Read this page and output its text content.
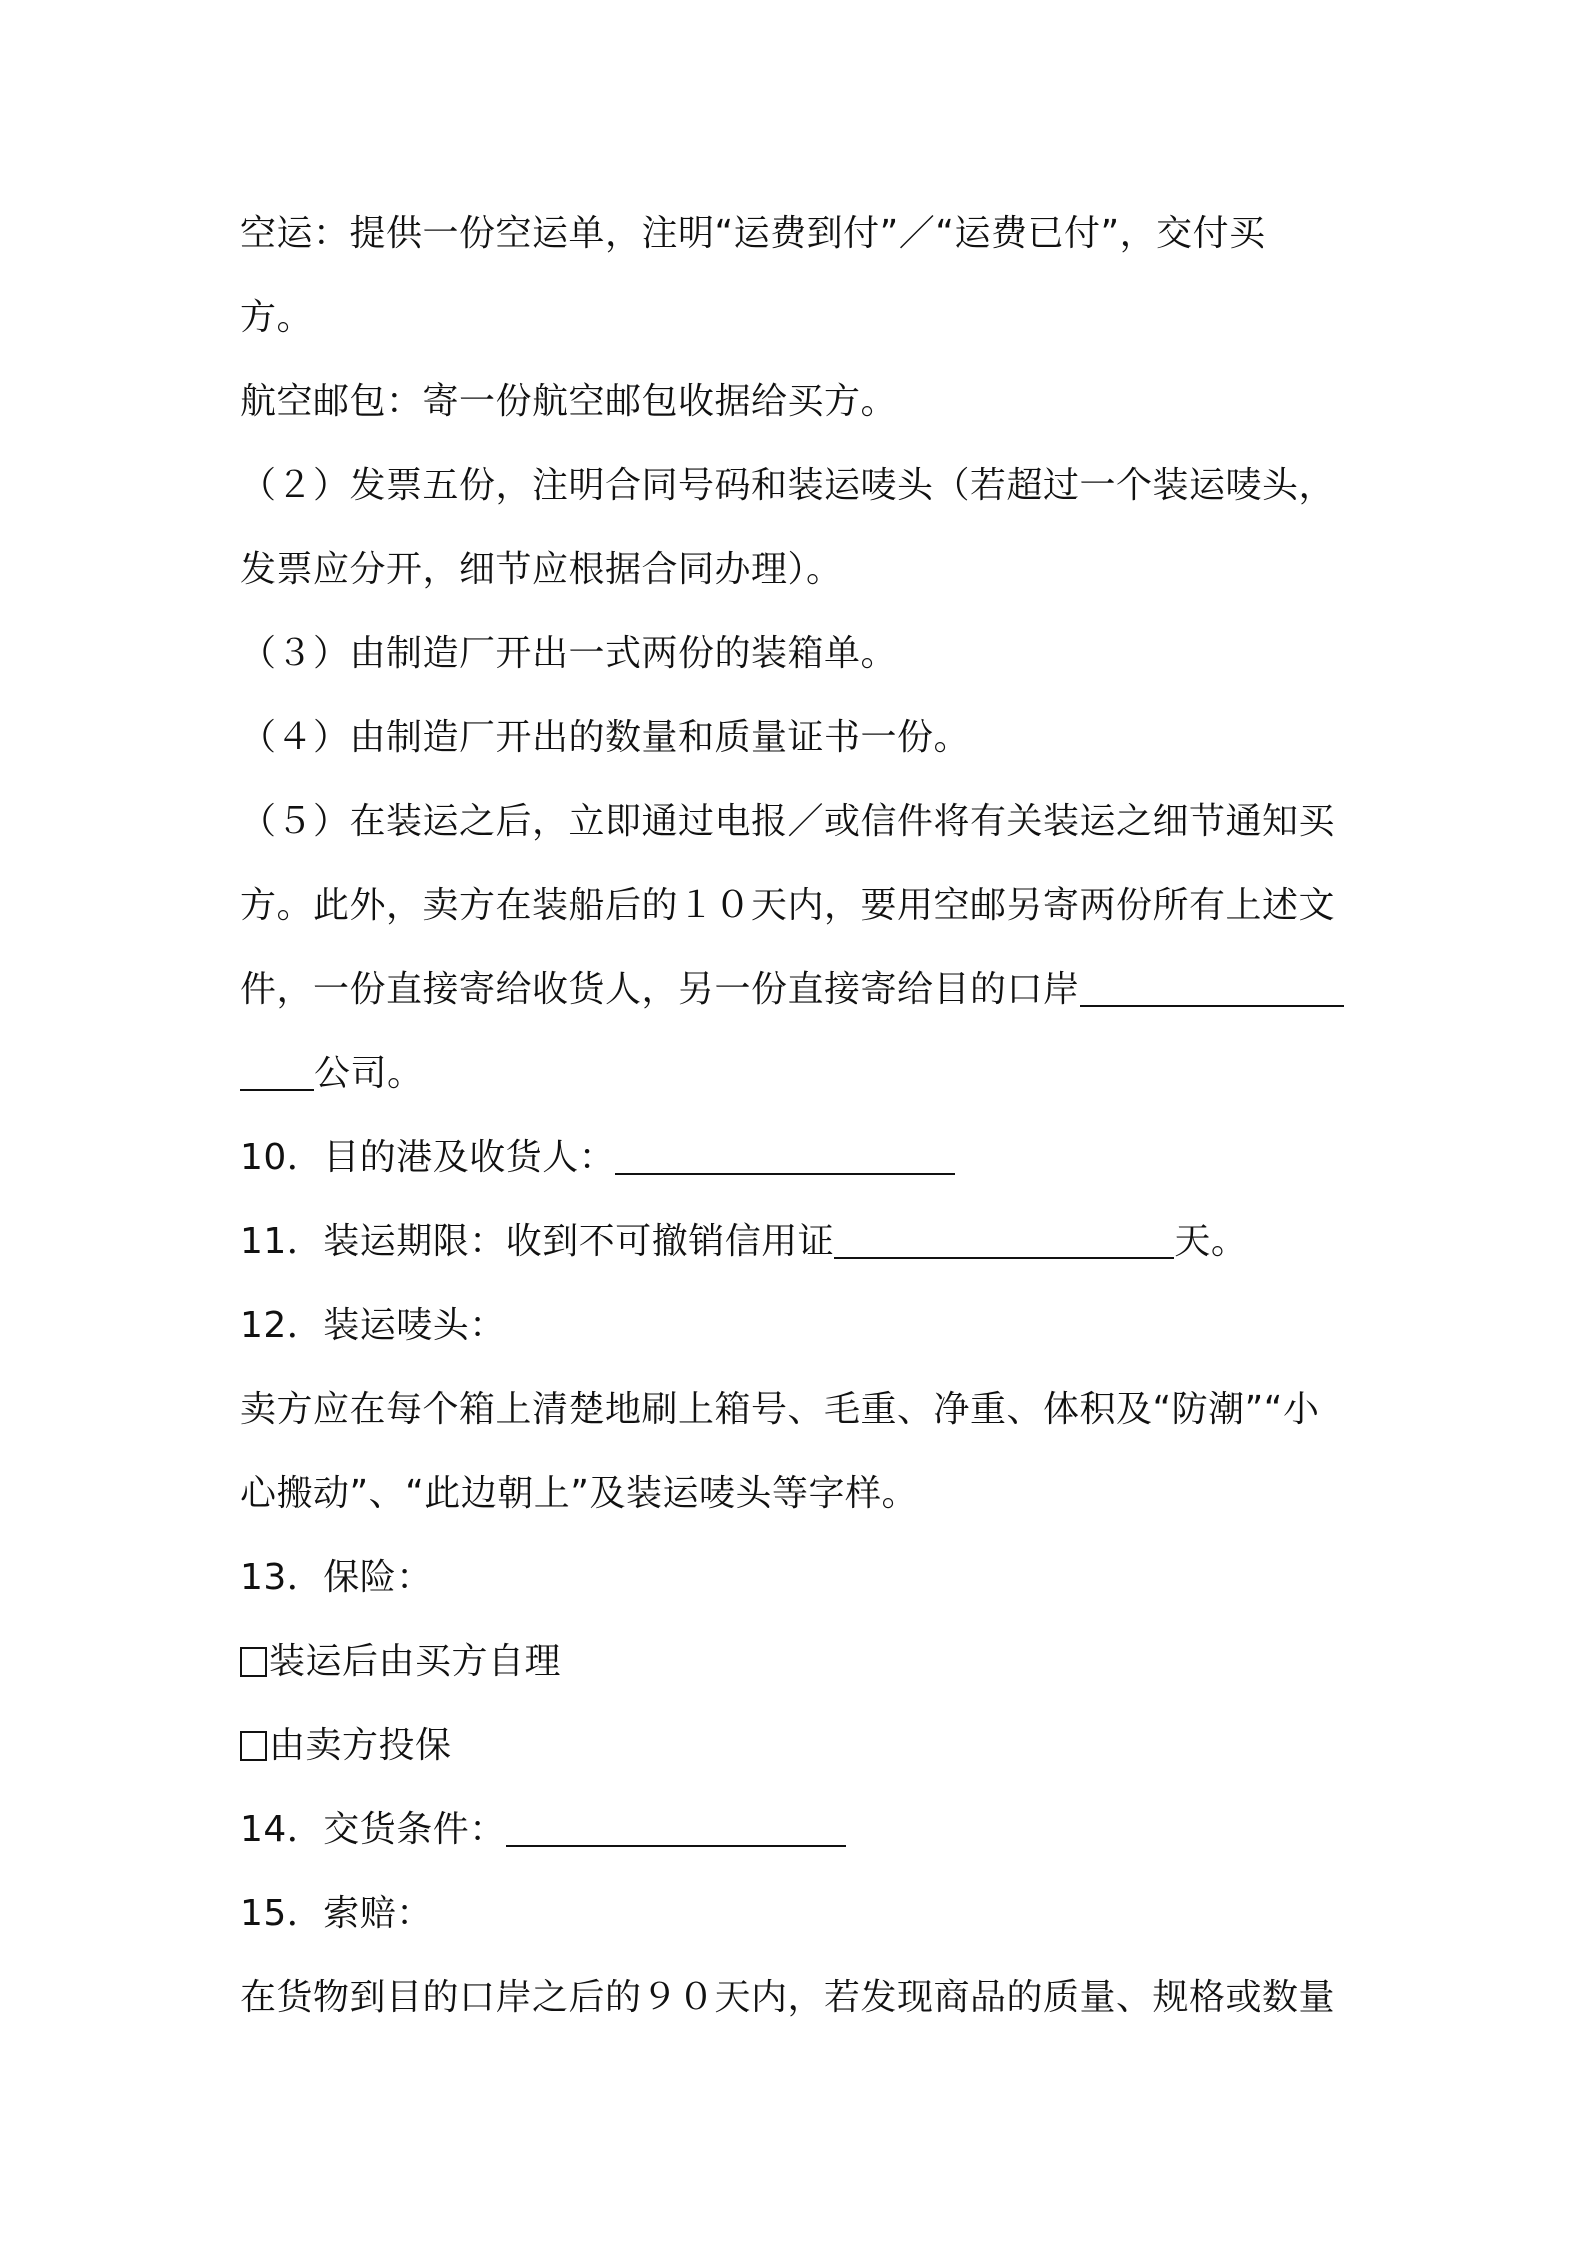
空运：提供一份空运单，注明“运费到付”／“运费已付”，交付买
方。
航空邮包：寄一份航空邮包收据给买方。
（２）发票五份，注明合同号码和装运唛头（若超过一个装运唛头，
发票应分开，细节应根据合同办理）。
（３）由制造厂开出一式两份的装箱单。
（４）由制造厂开出的数量和质量证书一份。
（５）在装运之后，立即通过电报／或信件将有关装运之细节通知买
方。此外，卖方在装船后的１０天内，要用空邮另寄两份所有上述文
件，一份直接寄给收货人，另一份直接寄给目的口岸
公司。
10．目的港及收货人：
11．装运期限：收到不可撤销信用证	天。
12．装运唛头：
卖方应在每个箱上清楚地刷上箱号、毛重、净重、体积及“防潮”“小
心搬动”、“此边朝上”及装运唛头等字样。
13．保险：
装运后由买方自理
由卖方投保
14．交货条件：
15．索赔：
在货物到目的口岸之后的９０天内，若发现商品的质量、规格或数量
